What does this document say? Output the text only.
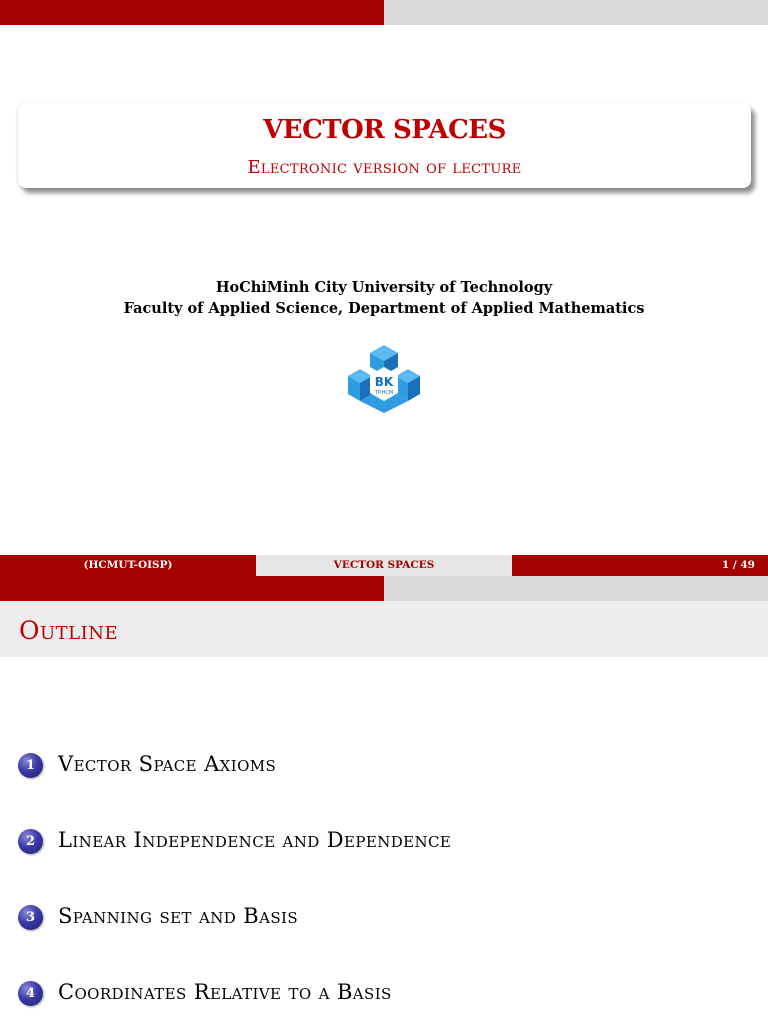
VECTOR SPACES
Electronic version of lecture
HoChiMinh City University of Technology
Faculty of Applied Science, Department of Applied Mathematics
BK
TP.HCM
(HCMUT-OISP)	VECTOR SPACES	1 / 49
Outline
1	Vector Space Axioms
2	Linear Independence and Dependence
3	Spanning set and Basis
4	Coordinates Relative to a Basis
